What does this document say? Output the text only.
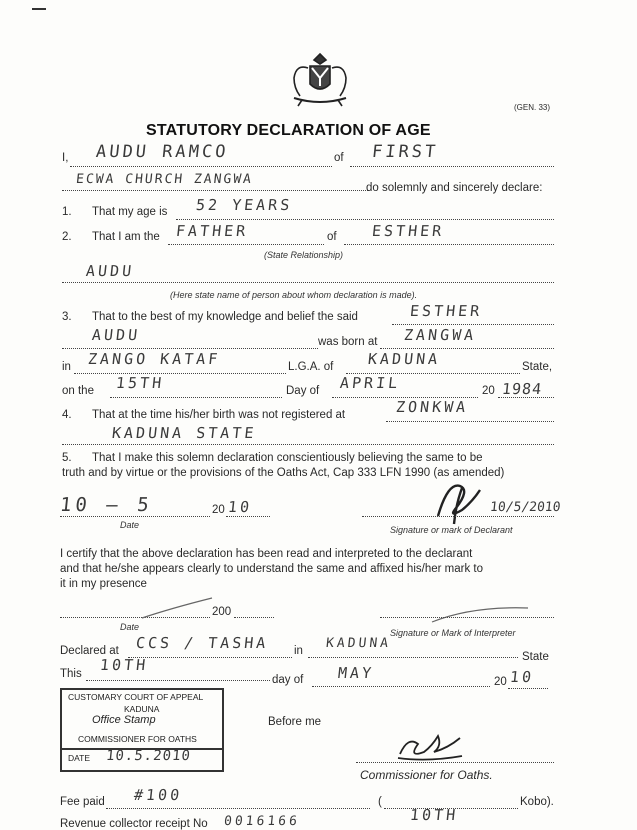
(GEN. 33)
STATUTORY DECLARATION OF AGE
I, AUDU RAMCO	of FIRST
ECWA CHURCH ZANGWA
do solemnly and sincerely declare:
1. That my age is 52 YEARS
2. That I am the FATHER	of ESTHER
(State Relationship)
AUDU
(Here state name of person about whom declaration is made).
3. That to the best of my knowledge and belief the said	ESTHER
AUDU	was born at ZANGWA
in ZANGO KATAF	L.G.A. of KADUNA	State,
on the 15TH	Day of APRIL	20 1984
4. That at the time his/her birth was not registered at	ZONKWA
KADUNA STATE
5. That I make this solemn declaration conscientiously believing the same to be
truth and by virtue or the provisions of the Oaths Act, Cap 333 LFN 1990 (as amended)
10 – 5	20 10
Date
10/5/2010
Signature or mark of Declarant
I certify that the above declaration has been read and interpreted to the declarant
and that he/she appears clearly to understand the same and affixed his/her mark to
it in my presence
200
Date
Signature or Mark of Interpreter
Declared at CCS / TASHA in KADUNA
State
This 10TH
day of MAY	20 10
CUSTOMARY COURT OF APPEAL
KADUNA
Office Stamp
COMMISSIONER FOR OATHS
DATE 10.5.2010
Before me
Commissioner for Oaths.
Fee paid #100	(	Kobo).
Revenue collector receipt No 0016166	10TH
